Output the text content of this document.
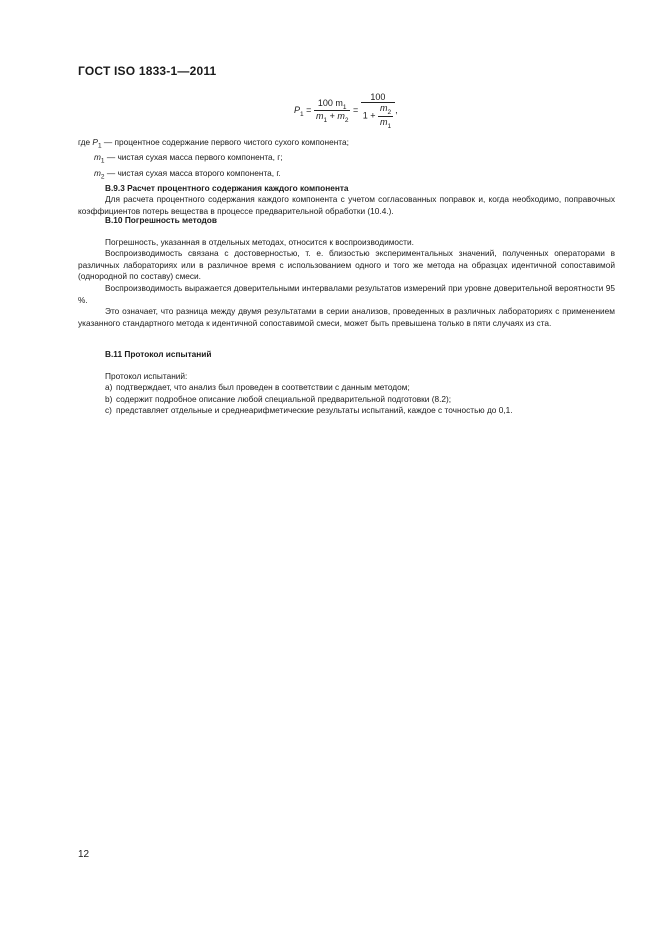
ГОСТ ISO 1833-1—2011
$P_1 = \frac{100 m_1}{m_1 + m_2} = \frac{100}{1 + \frac{m_2}{m_1}}$ ,

где $P_1$ — процентное содержание первого чистого сухого компонента;

$m_1$ — чистая сухая масса первого компонента, г;

$m_2$ — чистая сухая масса второго компонента, г.

B.9.3 Расчет процентного содержания каждого компонента

Для расчета процентного содержания каждого компонента с учетом согласованных поправок и, когда необходимо, поправочных коэффициентов потерь вещества в процессе предварительной обработки (10.4.).

B.10 Погрешность методов

Погрешность, указанная в отдельных методах, относится к воспроизводимости.

Воспроизводимость связана с достоверностью, т. е. близостью экспериментальных значений, полученных операторами в различных лабораториях или в различное время с использованием одного и того же метода на образцах идентичной сопоставимой (однородной по составу) смеси.

Воспроизводимость выражается доверительными интервалами результатов измерений при уровне доверительной вероятности 95 %.

Это означает, что разница между двумя результатами в серии анализов, проведенных в различных лабораториях с применением указанного стандартного метода к идентичной сопоставимой смеси, может быть превышена только в пяти случаях из ста.

B.11 Протокол испытаний

Протокол испытаний:

a) подтверждает, что анализ был проведен в соответствии с данным методом;
b) содержит подробное описание любой специальной предварительной подготовки (8.2);
c) представляет отдельные и среднеарифметические результаты испытаний, каждое с точностью до 0,1.
12
